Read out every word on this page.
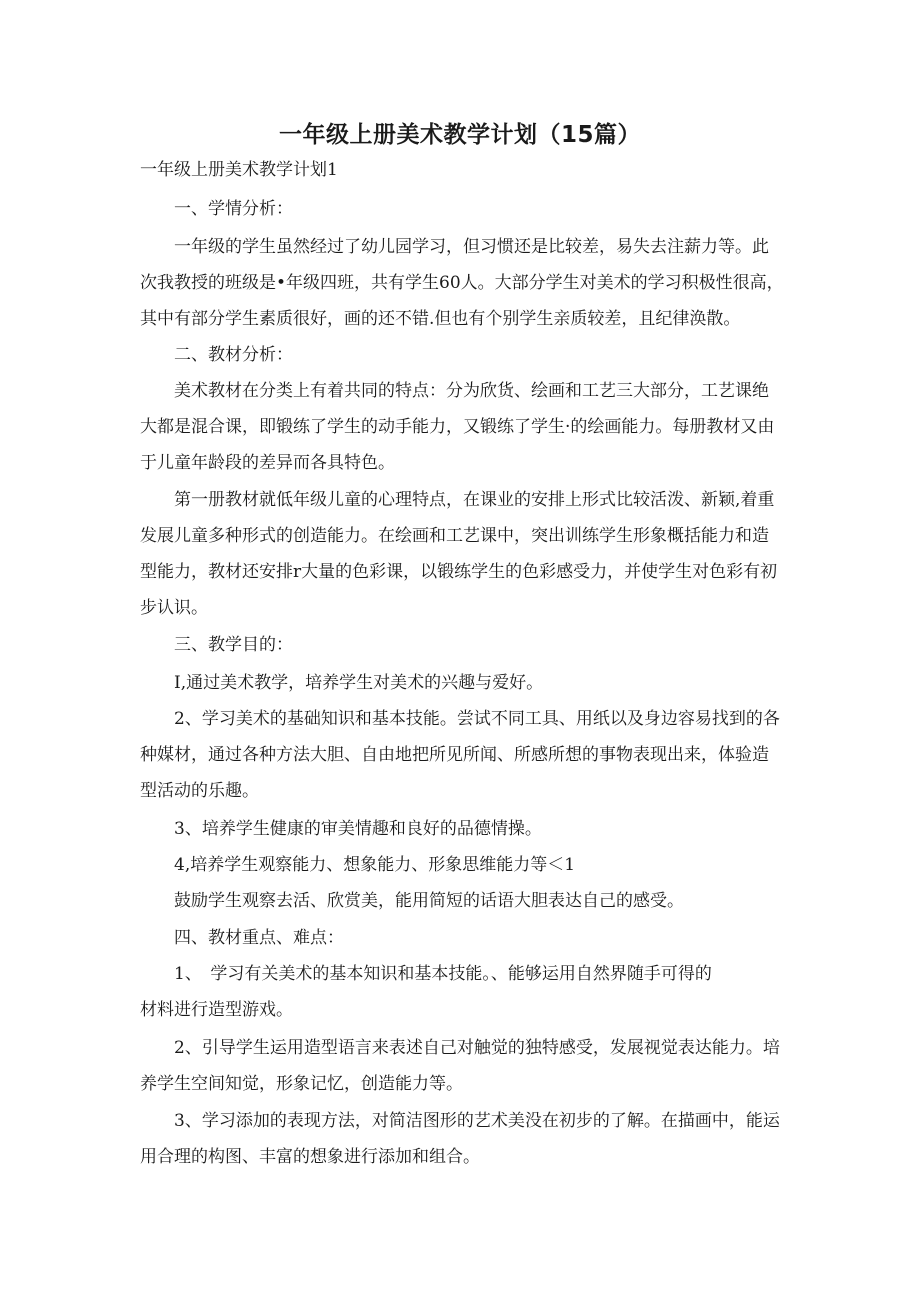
一年级上册美术教学计划（15篇）
一年级上册美术教学计划1
一、学情分析：
一年级的学生虽然经过了幼儿园学习，但习惯还是比较差，易失去注薪力等。此
次我教授的班级是•年级四班，共有学生60人。大部分学生对美术的学习积极性很高，
其中有部分学生素质很好，画的还不错.但也有个别学生亲质较差，且纪律涣散。
二、教材分析：
美术教材在分类上有着共同的特点：分为欣货、绘画和工艺三大部分，工艺课绝
大都是混合课，即锻练了学生的动手能力，又锻练了学生·的绘画能力。每册教材又由
于儿童年龄段的差异而各具特色。
第一册教材就低年级儿童的心理特点，在课业的安排上形式比较活泼、新颖,着重
发展儿童多种形式的创造能力。在绘画和工艺课中，突出训练学生形象概括能力和造
型能力，教材还安排r大量的色彩课，以锻练学生的色彩感受力，并使学生对色彩有初
步认识。
三、教学目的：
I,通过美术教学，培养学生对美术的兴趣与爱好。
2、学习美术的基础知识和基本技能。尝试不同工具、用纸以及身边容易找到的各
种媒材，通过各种方法大胆、自由地把所见所闻、所感所想的事物表现出来，体验造
型活动的乐趣。
3、培养学生健康的审美情趣和良好的品德情操。
4,培养学生观察能力、想象能力、形象思维能力等＜1
鼓励学生观察去活、欣赏美，能用简短的话语大胆表达自己的感受。
四、教材重点、难点：
1、　学习有关美术的基本知识和基本技能。、能够运用自然界随手可得的
材料进行造型游戏。
2、引导学生运用造型语言来表述自己对触觉的独特感受，发展视觉表达能力。培
养学生空间知觉，形象记忆，创造能力等。
3、学习添加的表现方法，对简洁图形的艺术美没在初步的了解。在描画中，能运
用合理的构图、丰富的想象进行添加和组合。
